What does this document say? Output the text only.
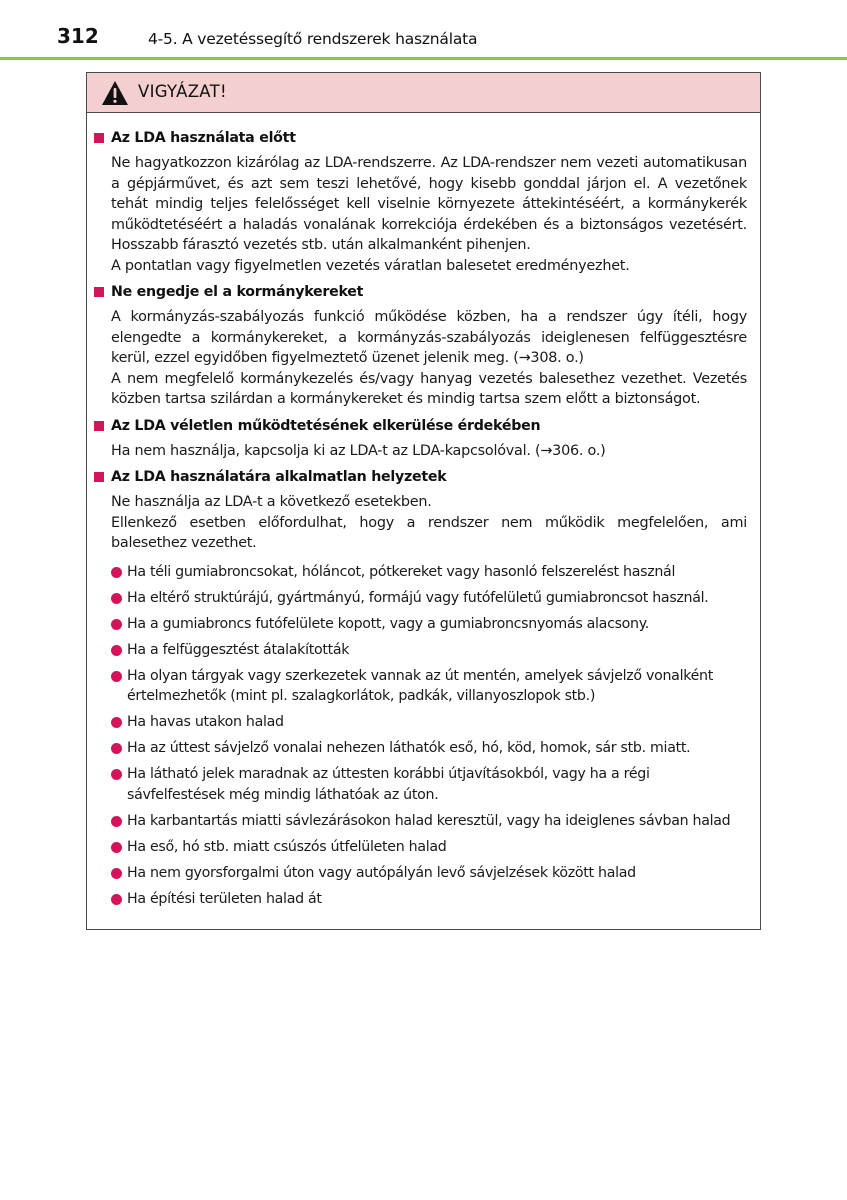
312	4-5. A vezetéssegítő rendszerek használata
VIGYÁZAT!
Az LDA használata előtt
Ne hagyatkozzon kizárólag az LDA-rendszerre. Az LDA-rendszer nem vezeti automatikusan a gépjárművet, és azt sem teszi lehetővé, hogy kisebb gonddal járjon el. A vezetőnek tehát mindig teljes felelősséget kell viselnie környezete áttekintéséért, a kormánykerék működtetéséért a haladás vonalának korrekciója érdekében és a biztonságos vezetésért. Hosszabb fárasztó vezetés stb. után alkalmanként pihenjen.
A pontatlan vagy figyelmetlen vezetés váratlan balesetet eredményezhet.
Ne engedje el a kormánykereket
A kormányzás-szabályozás funkció működése közben, ha a rendszer úgy ítéli, hogy elengedte a kormánykereket, a kormányzás-szabályozás ideiglenesen felfüggesztésre kerül, ezzel egyidőben figyelmeztető üzenet jelenik meg. (→308. o.)
A nem megfelelő kormánykezelés és/vagy hanyag vezetés balesethez vezethet. Vezetés közben tartsa szilárdan a kormánykereket és mindig tartsa szem előtt a biztonságot.
Az LDA véletlen működtetésének elkerülése érdekében
Ha nem használja, kapcsolja ki az LDA-t az LDA-kapcsolóval. (→306. o.)
Az LDA használatára alkalmatlan helyzetek
Ne használja az LDA-t a következő esetekben.
Ellenkező esetben előfordulhat, hogy a rendszer nem működik megfelelően, ami balesethez vezethet.
Ha téli gumiabroncsokat, hóláncot, pótkereket vagy hasonló felszerelést használ
Ha eltérő struktúrájú, gyártmányú, formájú vagy futófelületű gumiabroncsot használ.
Ha a gumiabroncs futófelülete kopott, vagy a gumiabroncsnyomás alacsony.
Ha a felfüggesztést átalakították
Ha olyan tárgyak vagy szerkezetek vannak az út mentén, amelyek sávjelző vonalként értelmezhetők (mint pl. szalagkorlátok, padkák, villanyoszlopok stb.)
Ha havas utakon halad
Ha az úttest sávjelző vonalai nehezen láthatók eső, hó, köd, homok, sár stb. miatt.
Ha látható jelek maradnak az úttesten korábbi útjavításokból, vagy ha a régi sávfelfestések még mindig láthatóak az úton.
Ha karbantartás miatti sávlezárásokon halad keresztül, vagy ha ideiglenes sávban halad
Ha eső, hó stb. miatt csúszós útfelületen halad
Ha nem gyorsforgalmi úton vagy autópályán levő sávjelzések között halad
Ha építési területen halad át
